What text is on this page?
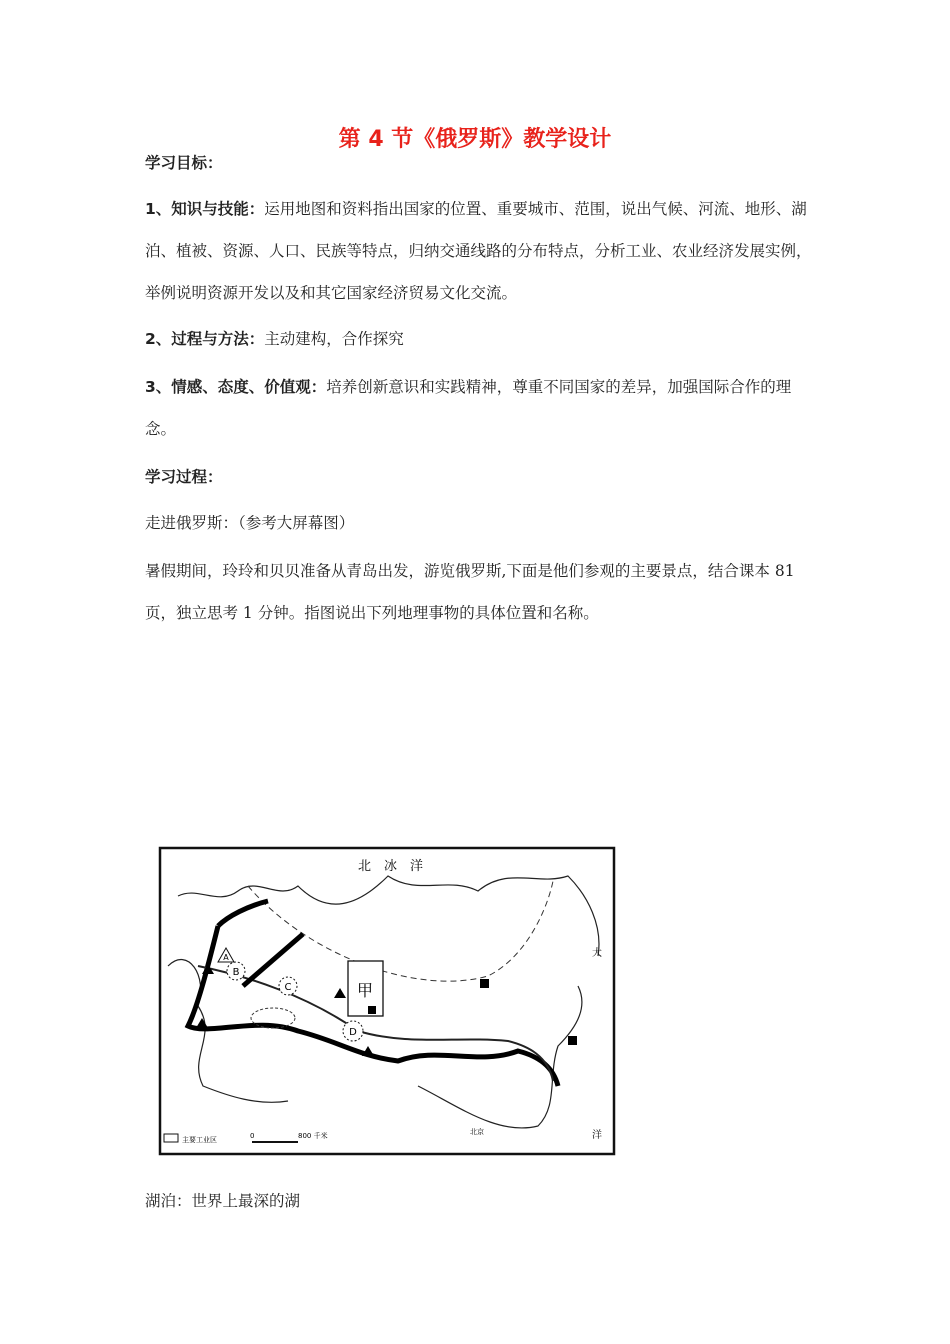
第 4 节《俄罗斯》教学设计

学习目标：

1、知识与技能：运用地图和资料指出国家的位置、重要城市、范围，说出气候、河流、地形、湖泊、植被、资源、人口、民族等特点，归纳交通线路的分布特点，分析工业、农业经济发展实例，举例说明资源开发以及和其它国家经济贸易文化交流。

2、过程与方法：主动建构，合作探究

3、情感、态度、价值观：培养创新意识和实践精神，尊重不同国家的差异，加强国际合作的理念。

学习过程：

走进俄罗斯：（参考大屏幕图）

暑假期间，玲玲和贝贝准备从青岛出发，游览俄罗斯,下面是他们参观的主要景点，结合课本 81 页，独立思考 1 分钟。指图说出下列地理事物的具体位置和名称。

甲
B
C
D
A
北　冰　洋
大
洋
北京
主要工业区	0	800 千米

湖泊：世界上最深的湖
